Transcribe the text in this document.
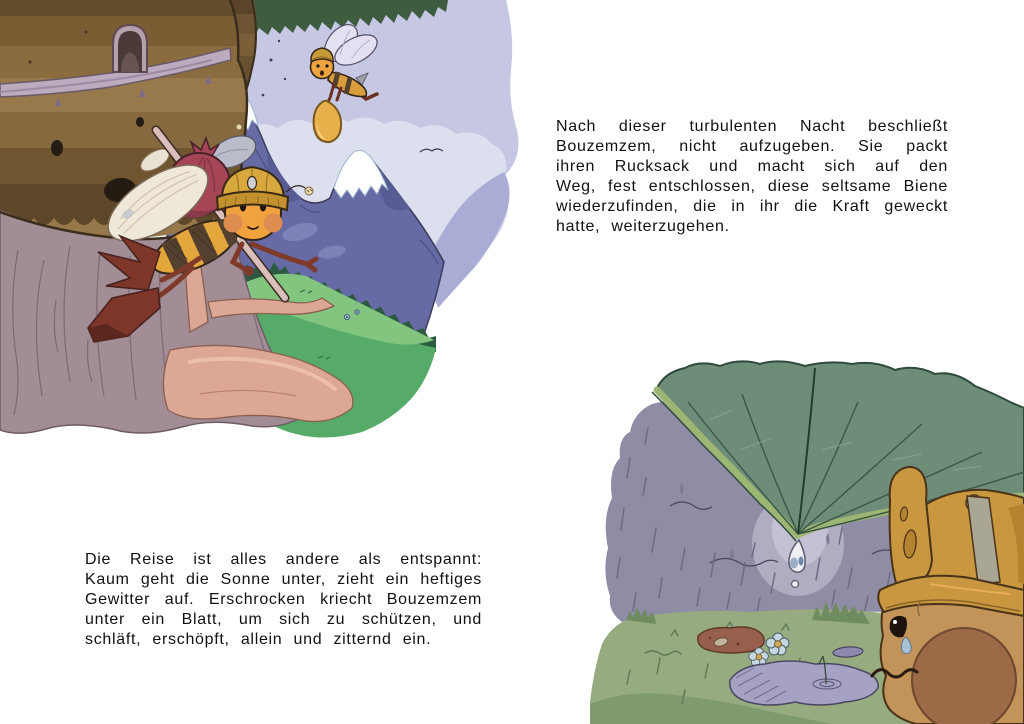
Nach dieser turbulenten Nacht beschließt Bouzemzem, nicht aufzugeben. Sie packt ihren Rucksack und macht sich auf den Weg, fest entschlossen, diese seltsame Biene wiederzufinden, die in ihr die Kraft geweckt hatte, weiterzugehen.

Die Reise ist alles andere als entspannt: Kaum geht die Sonne unter, zieht ein heftiges Gewitter auf. Erschrocken kriecht Bouzemzem unter ein Blatt, um sich zu schützen, und schläft, erschöpft, allein und zitternd ein.
